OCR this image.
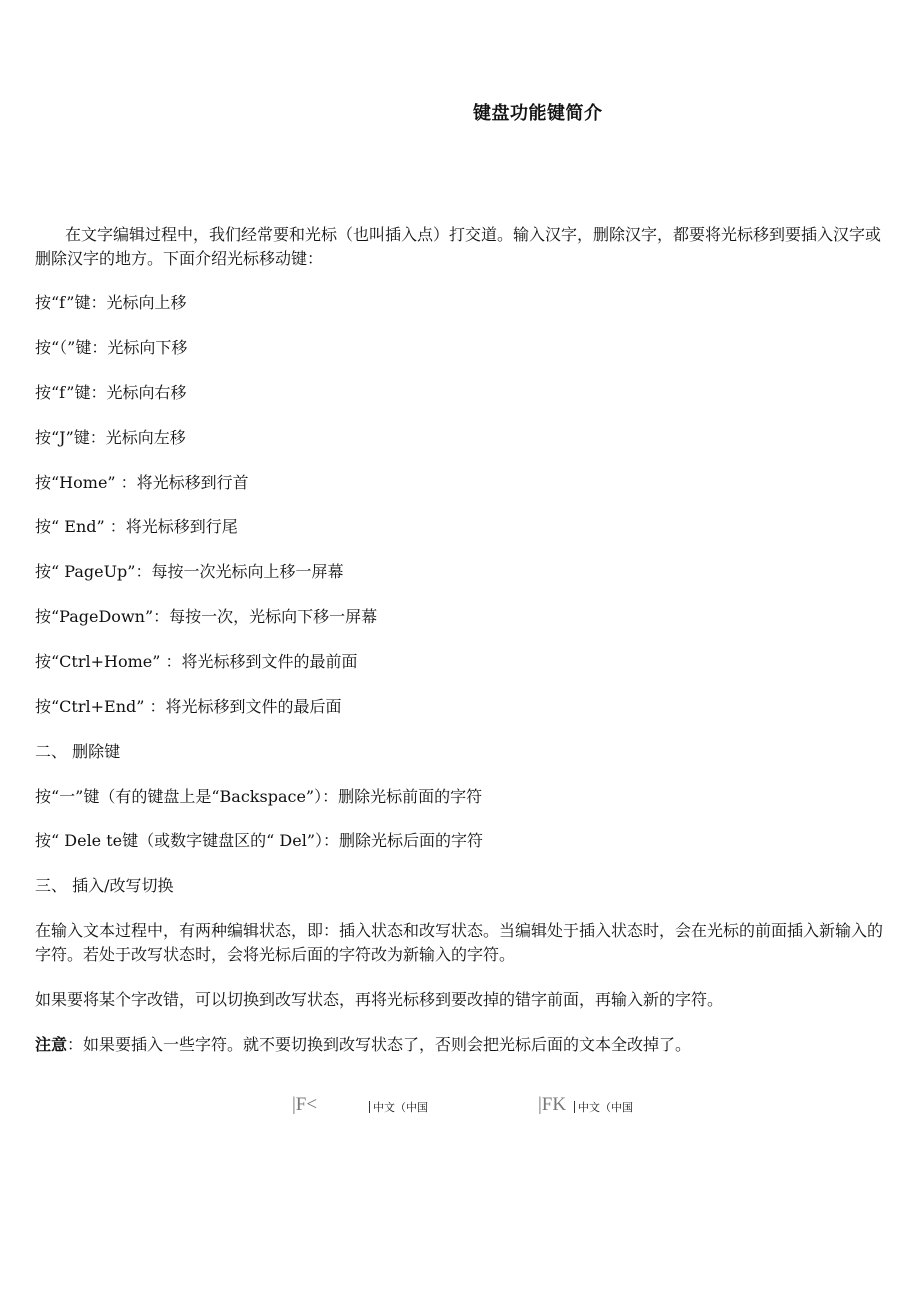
键盘功能键简介
在文字编辑过程中，我们经常要和光标（也叫插入点）打交道。输入汉字，删除汉字，都要将光标移到要插入汉字或删除汉字的地方。下面介绍光标移动键：
按“f”键：光标向上移
按“（”键：光标向下移
按“f”键：光标向右移
按“J”键：光标向左移
按“Home” ：将光标移到行首
按“ End” ：将光标移到行尾
按“ PageUp”：每按一次光标向上移一屏幕
按“PageDown”：每按一次，光标向下移一屏幕
按“Ctrl+Home” ：将光标移到文件的最前面
按“Ctrl+End” ：将光标移到文件的最后面
二、 删除键
按“一”键（有的键盘上是“Backspace”）：删除光标前面的字符
按“ Dele te键（或数字键盘区的“ Del”）：删除光标后面的字符
三、 插入/改写切换
在输入文本过程中，有两种编辑状态，即：插入状态和改写状态。当编辑处于插入状态时，会在光标的前面插入新输入的字符。若处于改写状态时，会将光标后面的字符改为新输入的字符。
如果要将某个字改错，可以切换到改写状态，再将光标移到要改掉的错字前面，再输入新的字符。
注意：如果要插入一些字符。就不要切换到改写状态了，否则会把光标后面的文本全改掉了。
|F<	中文（中国	|FK	中文（中国
